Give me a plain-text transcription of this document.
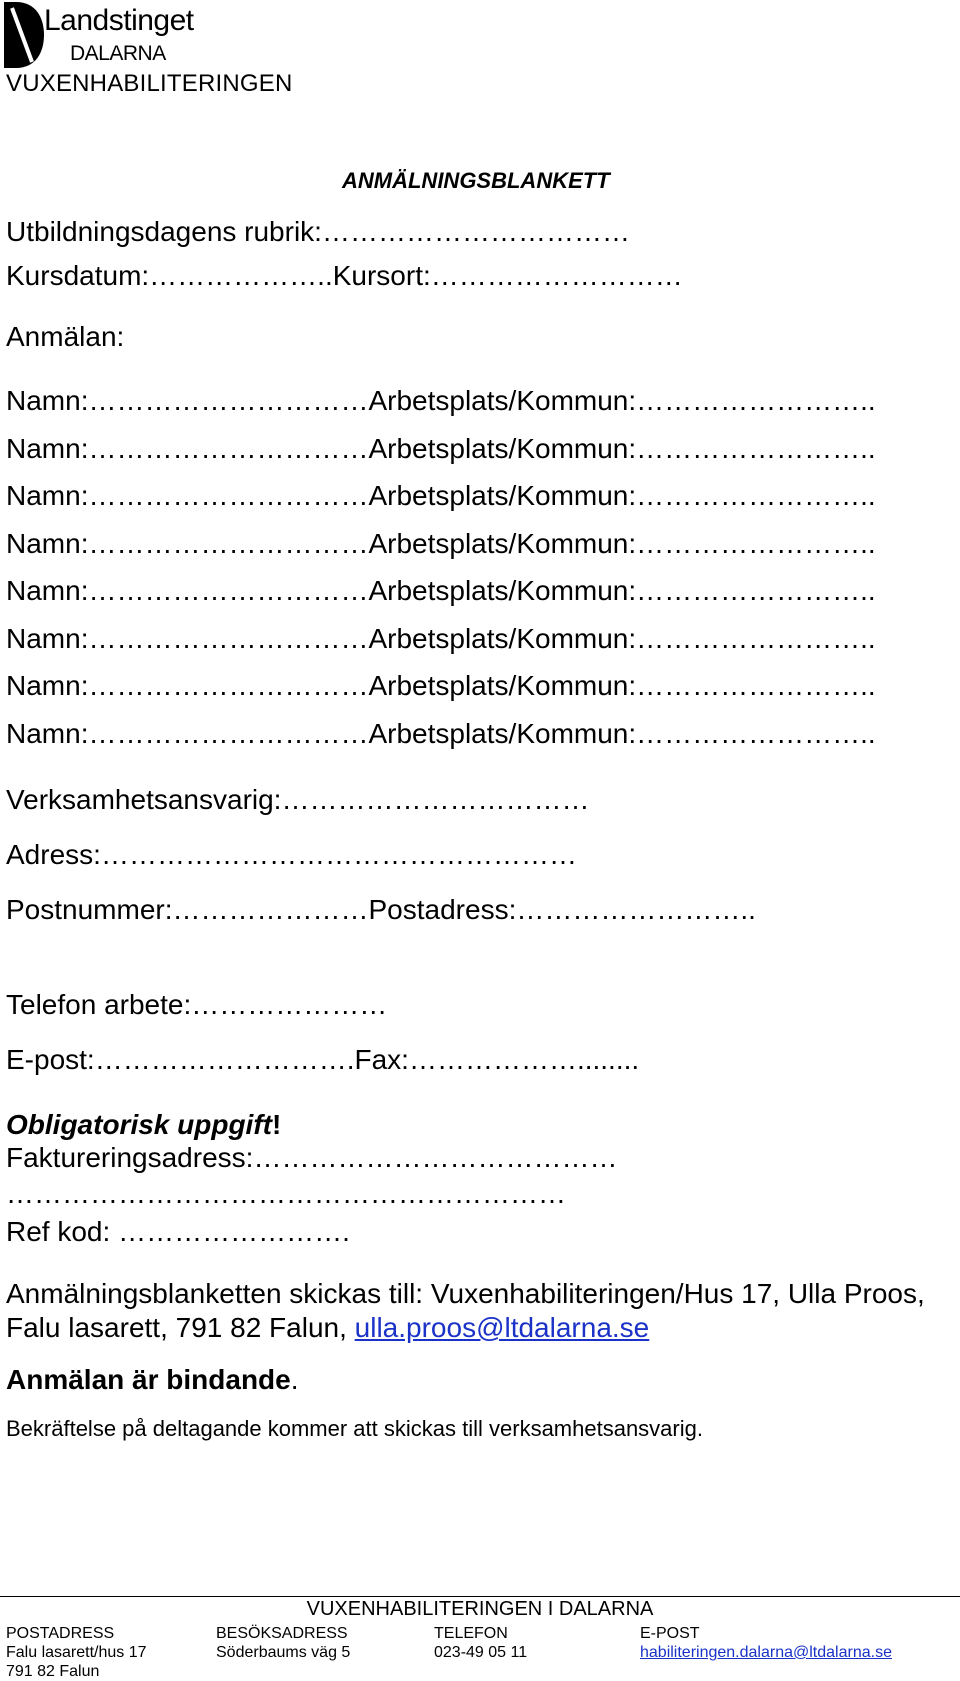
Landstinget
DALARNA
VUXENHABILITERINGEN
ANMÄLNINGSBLANKETT
Utbildningsdagens rubrik:……………………………
Kursdatum:………………..Kursort:………………………
Anmälan:
Namn:…………………………Arbetsplats/Kommun:……………………..
Namn:…………………………Arbetsplats/Kommun:……………………..
Namn:…………………………Arbetsplats/Kommun:……………………..
Namn:…………………………Arbetsplats/Kommun:……………………..
Namn:…………………………Arbetsplats/Kommun:……………………..
Namn:…………………………Arbetsplats/Kommun:……………………..
Namn:…………………………Arbetsplats/Kommun:……………………..
Namn:…………………………Arbetsplats/Kommun:……………………..
Verksamhetsansvarig:……………………………
Adress:……………………………………………
Postnummer:…………………Postadress:……………………..
Telefon arbete:…………………
E-post:……………………….Fax:………………........
Obligatorisk uppgift!
Faktureringsadress:…………………………………
……………………………………………………
Ref kod: …………………….
Anmälningsblanketten skickas till: Vuxenhabiliteringen/Hus 17, Ulla Proos, Falu lasarett, 791 82 Falun, ulla.proos@ltdalarna.se
Anmälan är bindande.
Bekräftelse på deltagande kommer att skickas till verksamhetsansvarig.
VUXENHABILITERINGEN I DALARNA
POSTADRESS
Falu lasarett/hus 17
791 82 Falun
BESÖKSADRESS
Söderbaums väg 5
TELEFON
023-49 05 11
E-POST
habiliteringen.dalarna@ltdalarna.se
